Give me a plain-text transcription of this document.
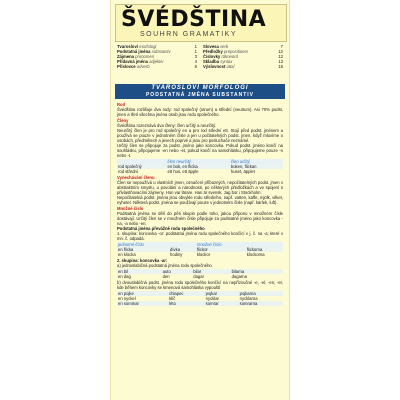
ŠVÉDŠTINA
SOUHRN GRAMATIKY
Tvarosloví morfologi	1
Podstatná jména substantiv	1
Zájmena pronomen	3
Přídavná jména adjektiv	4
Příslovce adverb	6
Slovesa verb	7
Předložky prepositioner	12
Číslovky räkneord	12
Skladba syntax	13
Výslovnost uttal	15
TVAROSLOVÍ MORFOLOGI
PODSTATNÁ JMÉNA SUBSTANTIV
Rod
Švédština rozlišuje dva rody: rod společný (utrum) a střední (neutrum). Asi 70% podst. jmen a třetí všechna jména osob jsou rodu společného.
Členy
Švédština rozeznává dva členy: člen určitý a neurčitý.
Neurčitý člen je pro rod společný en a pro rod střední ett. Stojí před podst. jménem a používá se pouze v jednotném čísle a jen u počitatelných podst. jmen, když mluvíme o osobách, předmětech a jevech poprvé a jsou pro posluchače neznámé.
Určitý člen se připojuje za podst. jméno jako koncovka. Pokud podst. jméno končí na souhlásku, připojujeme -en nebo -et, pokud končí na samohlásku, připojujeme pouze -n nebo -t.
	člen neurčitý	člen určitý
rod společný	en bok, en flicka	boken, flickan
rod střední	ett hus, ett äpple	huset, äpplet
Vynechávání členu
Člen se nepoužívá u vlastních jmen, označení příbuzných, nepočitatelných podst. jmen v abstraktním smyslu, u povolání a národnosti, po některých předložkách a ve spojení s přivlastňovacími zájmeny. Hon var lärare. Han är svensk. Jag bor i Stockholm.
Nepočitatelná podst. jména jsou obvykle rodu středního, např. vatten, kaffe, mjölk, vilket, nyheter. Některá podst. jména se používají pouze v jednotném čísle (např. kärlek, luft).
Množné číslo
Podstatná jména se dělí do pěti skupin podle toho, jakou příponu v množném čísle dostávají. Určitý člen se v množném čísle připojuje za podstatné jméno jako koncovka -na, -a nebo -en.
Podstatná jména převážně rodu společného
1. skupina: koncovka -or: podstatná jména rodu společného končící v j. č. na -a; které v mn. č. odpadá.
jednotné číslo		množné číslo	
en flicka	dívka	flickor	flickorna
en klocka	hodiny	klockor	klockorna
2. skupina: koncovka -ar:
a) jednoslabičná podstatná jména rodu společného
en bil	auto	bilar	bilarna
en dag	den	dagar	dagarna
b) dvouslabičná podst. jména rodu společného končící na nepřízvučné -e, -el, -en, -er, kde během koncovky se kmenová samohláska vypouští
en pojke	chlapec	pojkar	pojkarna
en nyckel	klíč	nycklar	nycklarna
en sommar	léto	somrar	somrarna
